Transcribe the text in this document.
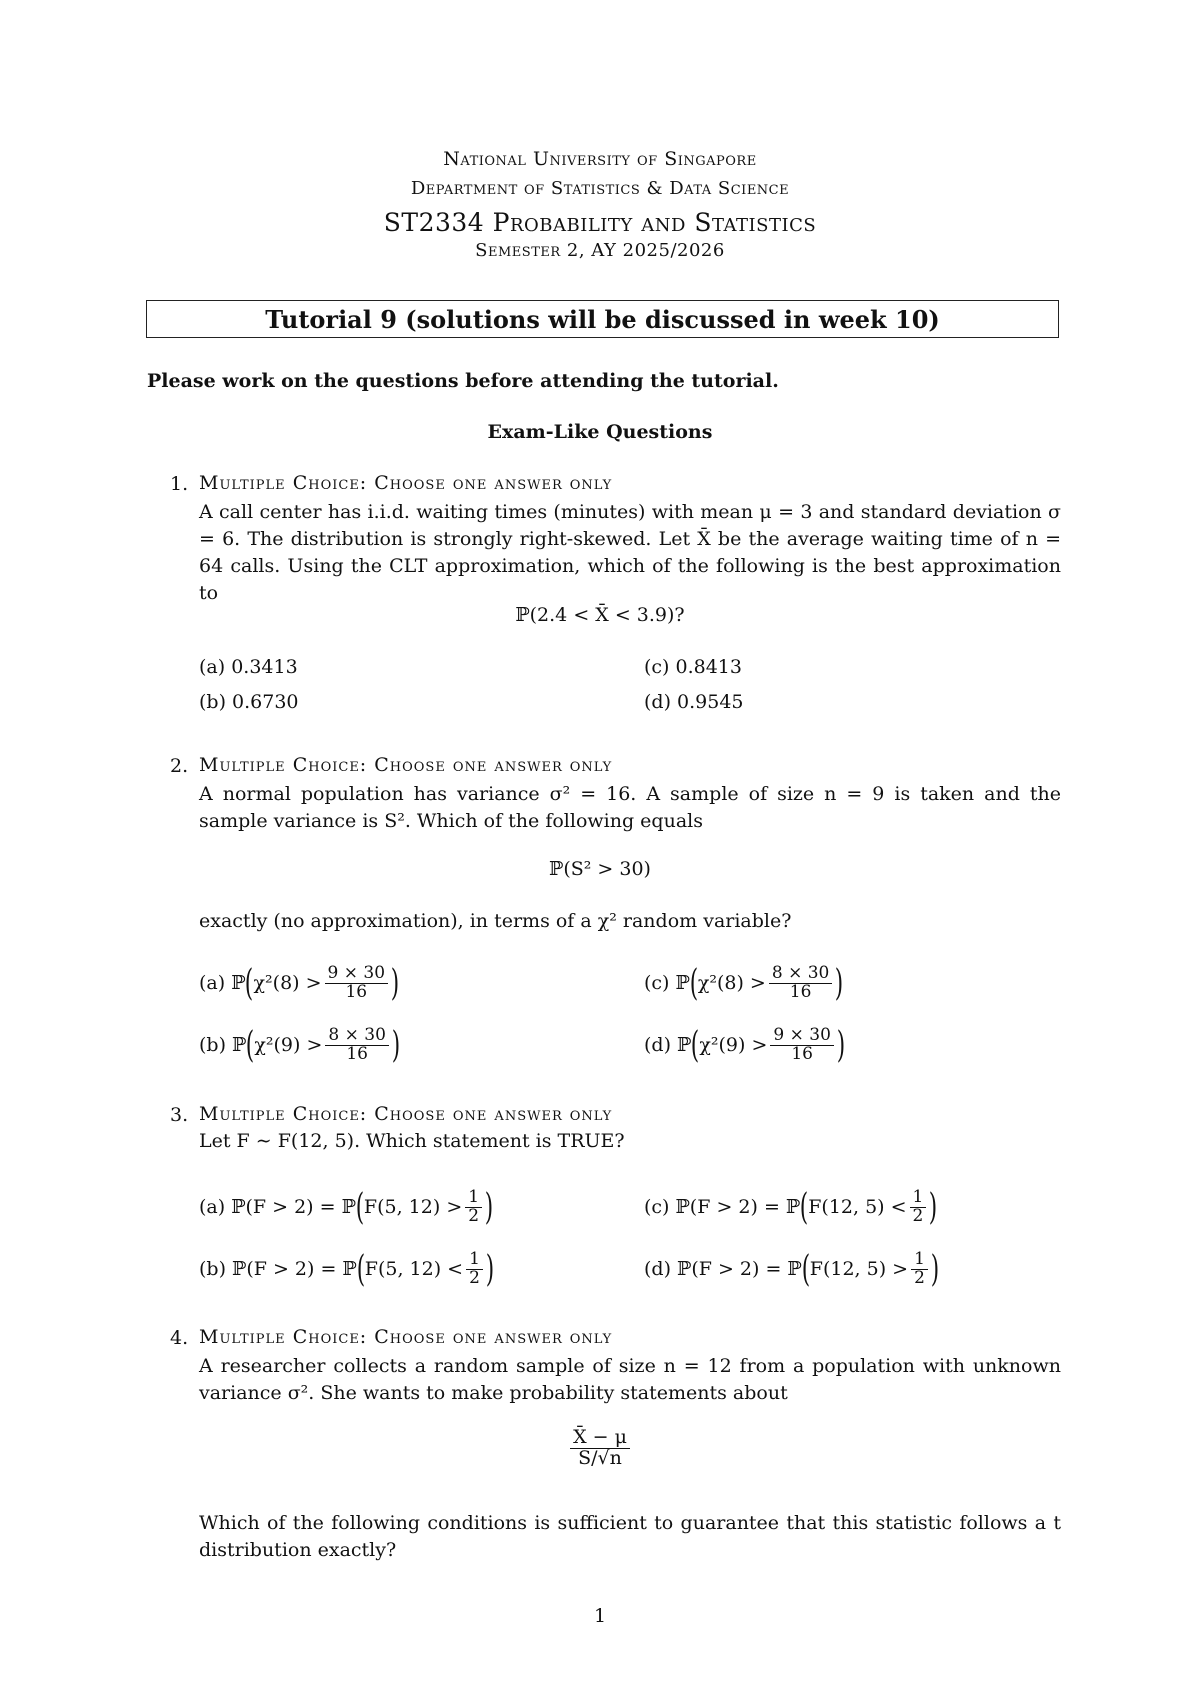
National University of Singapore
Department of Statistics & Data Science
ST2334 Probability and Statistics
Semester 2, AY 2025/2026
Tutorial 9 (solutions will be discussed in week 10)
Please work on the questions before attending the tutorial.
Exam-Like Questions
1. Multiple Choice: Choose one answer only
A call center has i.i.d. waiting times (minutes) with mean μ = 3 and standard deviation σ = 6. The distribution is strongly right-skewed. Let X̄ be the average waiting time of n = 64 calls. Using the CLT approximation, which of the following is the best approximation to
ℙ(2.4 < X̄ < 3.9)?
(a) 0.3413
(b) 0.6730
(c) 0.8413
(d) 0.9545
2. Multiple Choice: Choose one answer only
A normal population has variance σ² = 16. A sample of size n = 9 is taken and the sample variance is S². Which of the following equals
ℙ(S² > 30)
exactly (no approximation), in terms of a χ² random variable?
(a) ℙ ( $\chi^2(8) > \frac{9 \times 30}{16}$ )
(b) ℙ ( $\chi^2(9) > \frac{8 \times 30}{16}$ )
(c) ℙ ( $\chi^2(8) > \frac{8 \times 30}{16}$ )
(d) ℙ ( $\chi^2(9) > \frac{9 \times 30}{16}$ )
3. Multiple Choice: Choose one answer only
Let F ∼ F(12, 5). Which statement is TRUE?
(a)
ℙ(F > 2) = ℙ ( F(5, $12) > \frac{1}{2}$ )
(b)
ℙ(F > 2) = ℙ ( F(5, $12) < \frac{1}{2}$ )
(c)
ℙ(F > 2) = ℙ ( F(12, $5) < \frac{1}{2}$ )
(d)
ℙ(F > 2) = ℙ ( F(12, $5) > \frac{1}{2}$ )
4. Multiple Choice: Choose one answer only
A researcher collects a random sample of size n = 12 from a population with unknown variance σ². She wants to make probability statements about
$\frac{X̄ - \mu}{S/√n}$
Which of the following conditions is sufficient to guarantee that this statistic follows a t distribution exactly?
1
